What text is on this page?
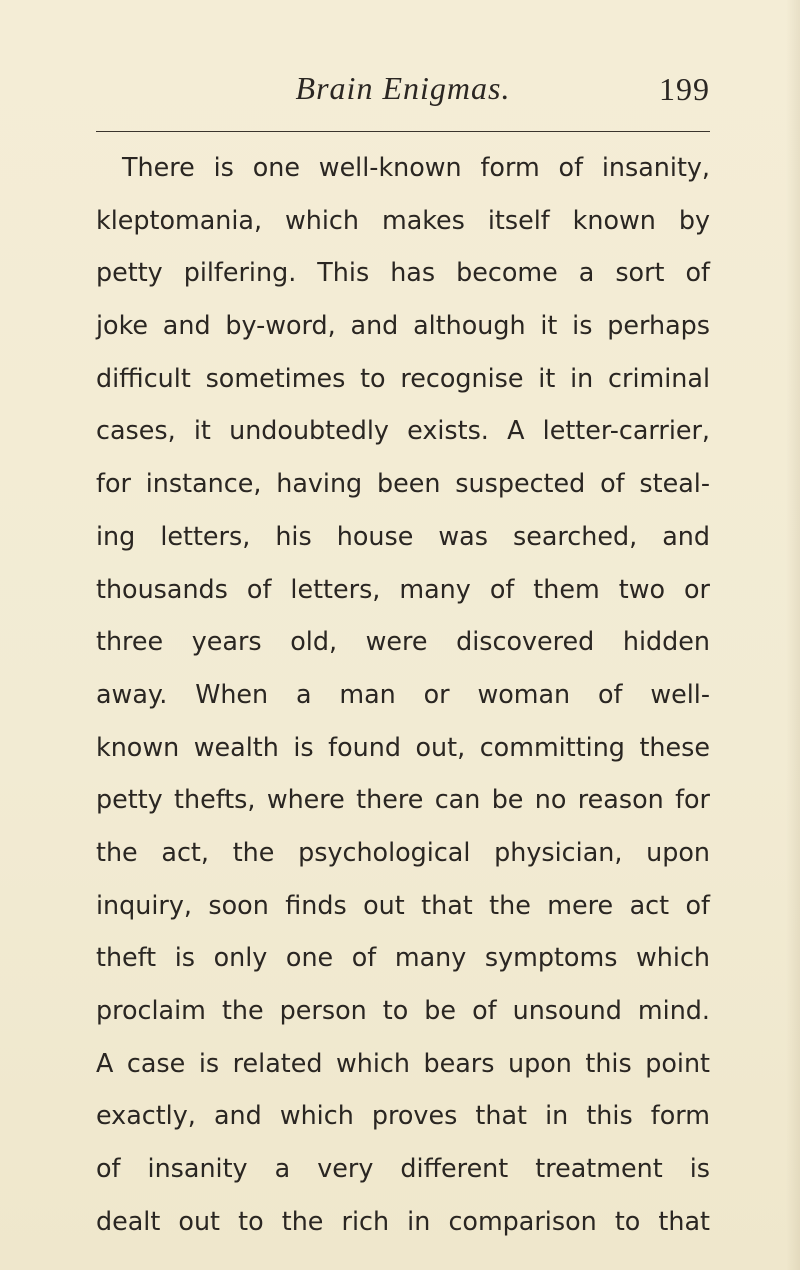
Brain Enigmas.	199
There is one well-known form of insanity,
kleptomania, which makes itself known by
petty pilfering. This has become a sort of
joke and by-word, and although it is perhaps
difficult sometimes to recognise it in criminal
cases, it undoubtedly exists. A letter-carrier,
for instance, having been suspected of steal-
ing letters, his house was searched, and
thousands of letters, many of them two or
three years old, were discovered hidden
away. When a man or woman of well-
known wealth is found out, committing these
petty thefts, where there can be no reason for
the act, the psychological physician, upon
inquiry, soon finds out that the mere act of
theft is only one of many symptoms which
proclaim the person to be of unsound mind.
A case is related which bears upon this point
exactly, and which proves that in this form
of insanity a very different treatment is
dealt out to the rich in comparison to that
